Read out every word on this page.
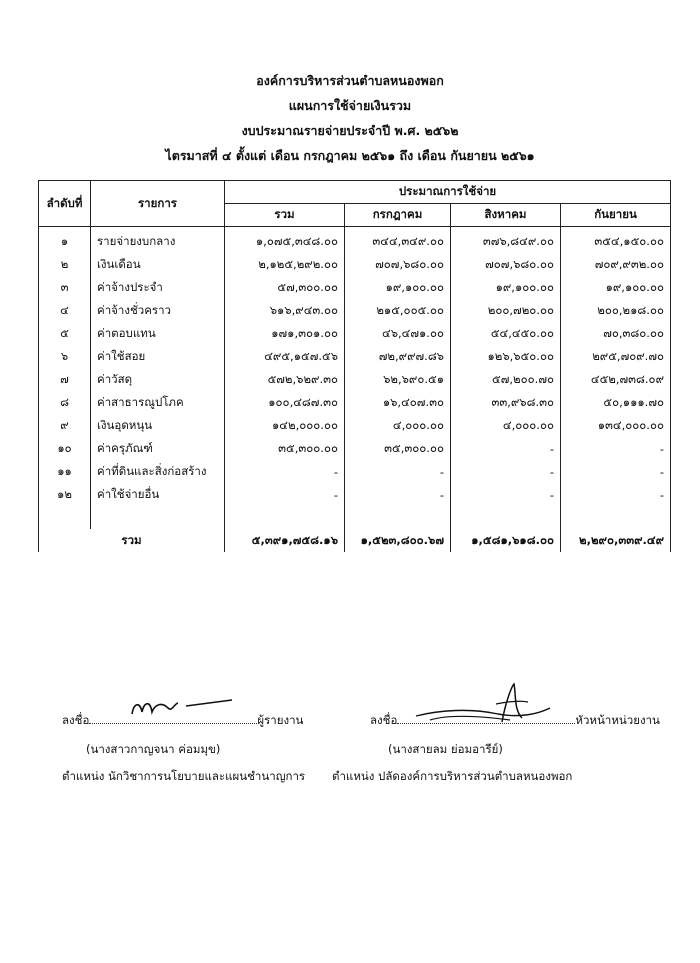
องค์การบริหารส่วนตำบลหนองพอก
แผนการใช้จ่ายเงินรวม
งบประมาณรายจ่ายประจำปี พ.ศ. ๒๕๖๒
ไตรมาสที่ ๔ ตั้งแต่ เดือน กรกฎาคม ๒๕๖๑ ถึง เดือน กันยายน ๒๕๖๑
ลำดับที่	รายการ	ประมาณการใช้จ่าย			
		รวม	กรกฎาคม	สิงหาคม	กันยายน
๑	รายจ่ายงบกลาง	๑,๐๗๕,๓๔๘.๐๐	๓๔๔,๓๔๙.๐๐	๓๗๖,๘๔๙.๐๐	๓๕๔,๑๕๐.๐๐
๒	เงินเดือน	๒,๑๒๕,๒๙๒.๐๐	๗๐๗,๖๘๐.๐๐	๗๐๗,๖๘๐.๐๐	๗๐๙,๙๓๒.๐๐
๓	ค่าจ้างประจำ	๕๗,๓๐๐.๐๐	๑๙,๑๐๐.๐๐	๑๙,๑๐๐.๐๐	๑๙,๑๐๐.๐๐
๔	ค่าจ้างชั่วคราว	๖๑๖,๙๔๓.๐๐	๒๑๕,๐๐๕.๐๐	๒๐๐,๗๒๐.๐๐	๒๐๐,๒๑๘.๐๐
๕	ค่าตอบแทน	๑๗๑,๓๐๑.๐๐	๔๖,๔๗๑.๐๐	๕๔,๔๕๐.๐๐	๗๐,๓๘๐.๐๐
๖	ค่าใช้สอย	๔๙๕,๑๕๗.๕๖	๗๒,๙๙๗.๘๖	๑๒๖,๖๕๐.๐๐	๒๙๕,๗๐๙.๗๐
๗	ค่าวัสดุ	๕๗๒,๖๒๙.๓๐	๖๒,๖๙๐.๕๑	๕๗,๒๐๐.๗๐	๔๕๒,๗๓๘.๐๙
๘	ค่าสาธารณูปโภค	๑๐๐,๔๘๗.๓๐	๑๖,๔๐๗.๓๐	๓๓,๙๖๘.๓๐	๕๐,๑๑๑.๗๐
๙	เงินอุดหนุน	๑๔๒,๐๐๐.๐๐	๔,๐๐๐.๐๐	๔,๐๐๐.๐๐	๑๓๔,๐๐๐.๐๐
๑๐	ค่าครุภัณฑ์	๓๕,๓๐๐.๐๐	๓๕,๓๐๐.๐๐	-	-
๑๑	ค่าที่ดินและสิ่งก่อสร้าง	-	-	-	-
๑๒	ค่าใช้จ่ายอื่น	-	-	-	-

รวม		๕,๓๙๑,๗๕๘.๑๖	๑,๕๒๓,๘๐๐.๖๗	๑,๕๘๑,๖๑๘.๐๐	๒,๒๙๐,๓๓๙.๔๙
ลงชื่อ	ผู้รายงาน
(นางสาวกาญจนา ค่อมมุข)
ตำแหน่ง นักวิชาการนโยบายและแผนชำนาญการ
ลงชื่อ	หัวหน้าหน่วยงาน
(นางสายลม ย่อมอารีย์)
ตำแหน่ง ปลัดองค์การบริหารส่วนตำบลหนองพอก
